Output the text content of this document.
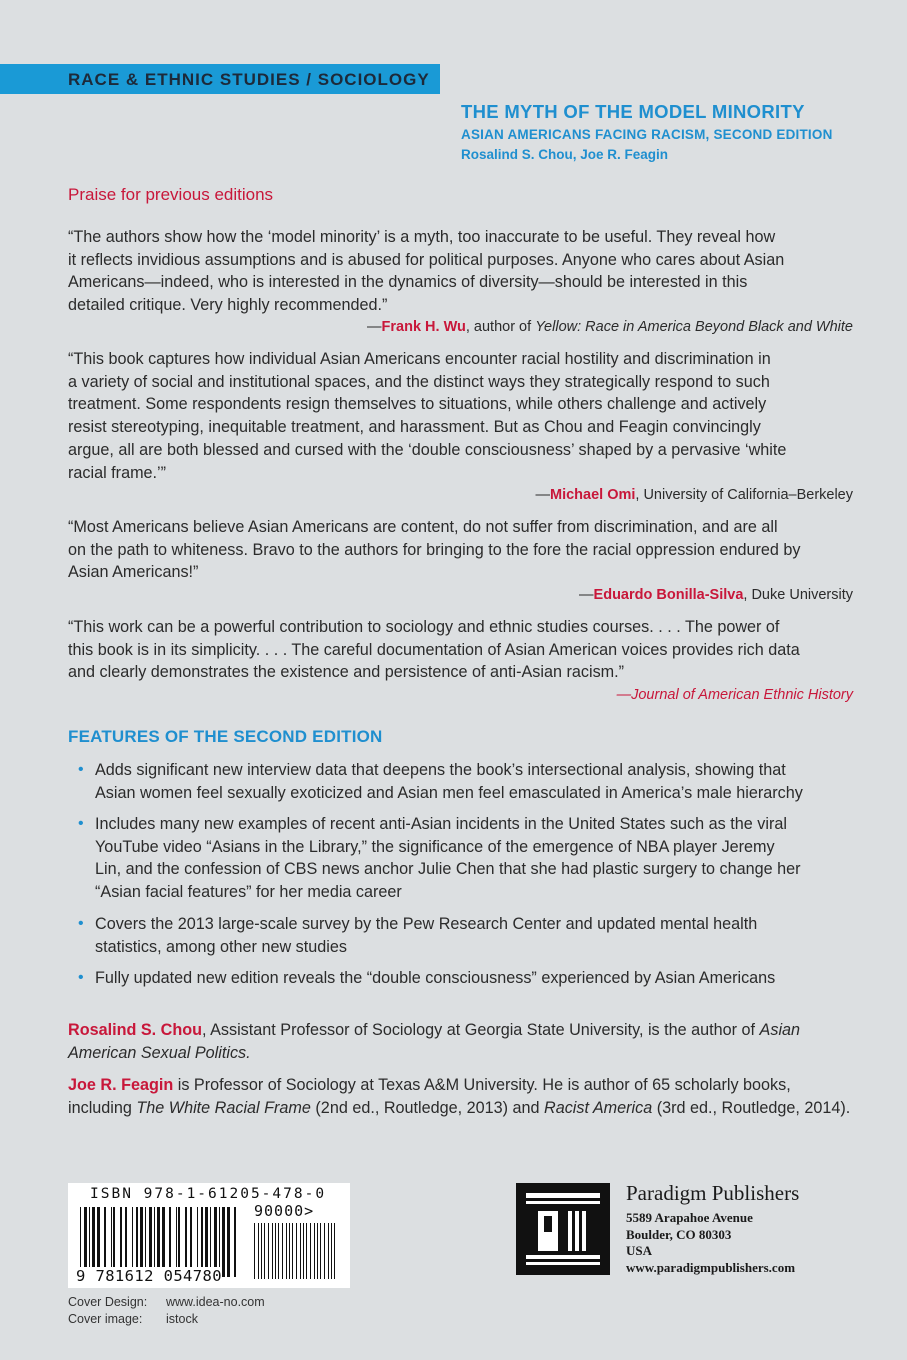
RACE & ETHNIC STUDIES / SOCIOLOGY
THE MYTH OF THE MODEL MINORITY
ASIAN AMERICANS FACING RACISM, SECOND EDITION
Rosalind S. Chou, Joe R. Feagin
Praise for previous editions
“The authors show how the ‘model minority’ is a myth, too inaccurate to be useful. They reveal how
it reflects invidious assumptions and is abused for political purposes. Anyone who cares about Asian
Americans—indeed, who is interested in the dynamics of diversity—should be interested in this
detailed critique. Very highly recommended.”
—Frank H. Wu, author of Yellow: Race in America Beyond Black and White
“This book captures how individual Asian Americans encounter racial hostility and discrimination in
a variety of social and institutional spaces, and the distinct ways they strategically respond to such
treatment. Some respondents resign themselves to situations, while others challenge and actively
resist stereotyping, inequitable treatment, and harassment. But as Chou and Feagin convincingly
argue, all are both blessed and cursed with the ‘double consciousness’ shaped by a pervasive ‘white
racial frame.’”
—Michael Omi, University of California–Berkeley
“Most Americans believe Asian Americans are content, do not suffer from discrimination, and are all
on the path to whiteness. Bravo to the authors for bringing to the fore the racial oppression endured by
Asian Americans!”
—Eduardo Bonilla-Silva, Duke University
“This work can be a powerful contribution to sociology and ethnic studies courses. . . . The power of
this book is in its simplicity. . . . The careful documentation of Asian American voices provides rich data
and clearly demonstrates the existence and persistence of anti-Asian racism.”
—Journal of American Ethnic History
FEATURES OF THE SECOND EDITION
• Adds significant new interview data that deepens the book’s intersectional analysis, showing that
Asian women feel sexually exoticized and Asian men feel emasculated in America’s male hierarchy
• Includes many new examples of recent anti-Asian incidents in the United States such as the viral
YouTube video “Asians in the Library,” the significance of the emergence of NBA player Jeremy
Lin, and the confession of CBS news anchor Julie Chen that she had plastic surgery to change her
“Asian facial features” for her media career
• Covers the 2013 large-scale survey by the Pew Research Center and updated mental health
statistics, among other new studies
• Fully updated new edition reveals the “double consciousness” experienced by Asian Americans
Rosalind S. Chou, Assistant Professor of Sociology at Georgia State University, is the author of Asian American Sexual Politics.
Joe R. Feagin is Professor of Sociology at Texas A&M University. He is author of 65 scholarly books, including The White Racial Frame (2nd ed., Routledge, 2013) and Racist America (3rd ed., Routledge, 2014).
ISBN 978-1-61205-478-0
90000>
9 781612 054780
Cover Design: www.idea-no.com
Cover image: istock
Paradigm Publishers
5589 Arapahoe Avenue
Boulder, CO 80303
USA
www.paradigmpublishers.com
